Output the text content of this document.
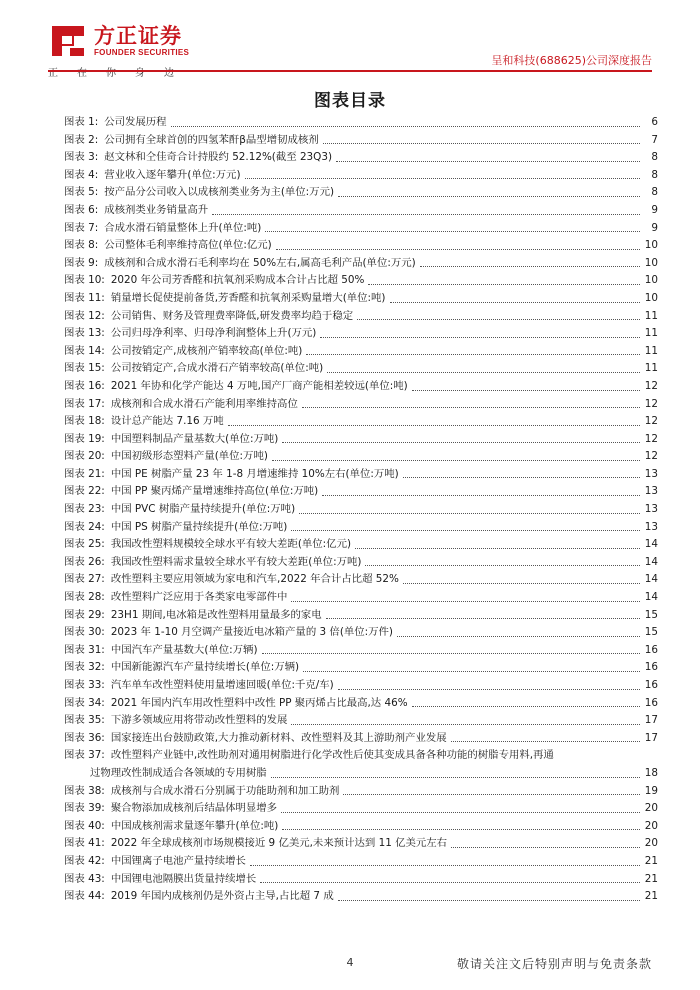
方正证券
FOUNDER SECURITIES
正在你身边
呈和科技(688625)公司深度报告
图表目录
图表 1: 公司发展历程	6
图表 2: 公司拥有全球首创的四氢苯酐β晶型增韧成核剂	7
图表 3: 赵文林和仝佳奇合计持股约 52.12%(截至 23Q3)	8
图表 4: 营业收入逐年攀升(单位:万元)	8
图表 5: 按产品分公司收入以成核剂类业务为主(单位:万元)	8
图表 6: 成核剂类业务销量高升	9
图表 7: 合成水滑石销量整体上升(单位:吨)	9
图表 8: 公司整体毛利率维持高位(单位:亿元)	10
图表 9: 成核剂和合成水滑石毛利率均在 50%左右,属高毛利产品(单位:万元)	10
图表 10: 2020 年公司芳香醛和抗氧剂采购成本合计占比超 50%	10
图表 11: 销量增长促使提前备货,芳香醛和抗氧剂采购量增大(单位:吨)	10
图表 12: 公司销售、财务及管理费率降低,研发费率均趋于稳定	11
图表 13: 公司归母净利率、归母净利润整体上升(万元)	11
图表 14: 公司按销定产,成核剂产销率较高(单位:吨)	11
图表 15: 公司按销定产,合成水滑石产销率较高(单位:吨)	11
图表 16: 2021 年协和化学产能达 4 万吨,国产厂商产能相差较远(单位:吨)	12
图表 17: 成核剂和合成水滑石产能利用率维持高位	12
图表 18: 设计总产能达 7.16 万吨	12
图表 19: 中国塑料制品产量基数大(单位:万吨)	12
图表 20: 中国初级形态塑料产量(单位:万吨)	12
图表 21: 中国 PE 树脂产量 23 年 1-8 月增速维持 10%左右(单位:万吨)	13
图表 22: 中国 PP 聚丙烯产量增速维持高位(单位:万吨)	13
图表 23: 中国 PVC 树脂产量持续提升(单位:万吨)	13
图表 24: 中国 PS 树脂产量持续提升(单位:万吨)	13
图表 25: 我国改性塑料规模较全球水平有较大差距(单位:亿元)	14
图表 26: 我国改性塑料需求量较全球水平有较大差距(单位:万吨)	14
图表 27: 改性塑料主要应用领域为家电和汽车,2022 年合计占比超 52%	14
图表 28: 改性塑料广泛应用于各类家电零部件中	14
图表 29: 23H1 期间,电冰箱是改性塑料用量最多的家电	15
图表 30: 2023 年 1-10 月空调产量接近电冰箱产量的 3 倍(单位:万件)	15
图表 31: 中国汽车产量基数大(单位:万辆)	16
图表 32: 中国新能源汽车产量持续增长(单位:万辆)	16
图表 33: 汽车单车改性塑料使用量增速回暖(单位:千克/车)	16
图表 34: 2021 年国内汽车用改性塑料中改性 PP 聚丙烯占比最高,达 46%	16
图表 35: 下游多领域应用将带动改性塑料的发展	17
图表 36: 国家接连出台鼓励政策,大力推动新材料、改性塑料及其上游助剂产业发展	17
图表 37: 改性塑料产业链中,改性助剂对通用树脂进行化学改性后使其变成具备各种功能的树脂专用料,再通
过物理改性制成适合各领域的专用树脂	18
图表 38: 成核剂与合成水滑石分别属于功能助剂和加工助剂	19
图表 39: 聚合物添加成核剂后结晶体明显增多	20
图表 40: 中国成核剂需求量逐年攀升(单位:吨)	20
图表 41: 2022 年全球成核剂市场规模接近 9 亿美元,未来预计达到 11 亿美元左右	20
图表 42: 中国锂离子电池产量持续增长	21
图表 43: 中国锂电池隔膜出货量持续增长	21
图表 44: 2019 年国内成核剂仍是外资占主导,占比超 7 成	21
4	敬请关注文后特别声明与免责条款
